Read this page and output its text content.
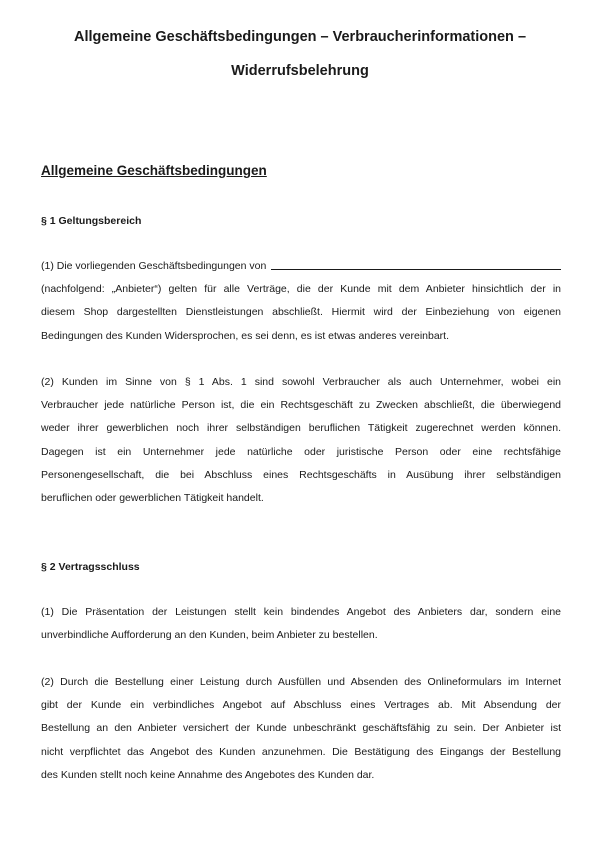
Allgemeine Geschäftsbedingungen – Verbraucherinformationen –
Widerrufsbelehrung
Allgemeine Geschäftsbedingungen
§ 1 Geltungsbereich
(1) Die vorliegenden Geschäftsbedingungen von
(nachfolgend: „Anbieter“) gelten für alle Verträge, die der Kunde mit dem Anbieter hinsichtlich der in
diesem Shop dargestellten Dienstleistungen abschließt. Hiermit wird der Einbeziehung von eigenen
Bedingungen des Kunden Widersprochen, es sei denn, es ist etwas anderes vereinbart.
(2) Kunden im Sinne von § 1 Abs. 1 sind sowohl Verbraucher als auch Unternehmer, wobei ein
Verbraucher jede natürliche Person ist, die ein Rechtsgeschäft zu Zwecken abschließt, die überwiegend
weder ihrer gewerblichen noch ihrer selbständigen beruflichen Tätigkeit zugerechnet werden können.
Dagegen ist ein Unternehmer jede natürliche oder juristische Person oder eine rechtsfähige
Personengesellschaft, die bei Abschluss eines Rechtsgeschäfts in Ausübung ihrer selbständigen
beruflichen oder gewerblichen Tätigkeit handelt.
§ 2 Vertragsschluss
(1) Die Präsentation der Leistungen stellt kein bindendes Angebot des Anbieters dar, sondern eine
unverbindliche Aufforderung an den Kunden, beim Anbieter zu bestellen.
(2) Durch die Bestellung einer Leistung durch Ausfüllen und Absenden des Onlineformulars im Internet
gibt der Kunde ein verbindliches Angebot auf Abschluss eines Vertrages ab. Mit Absendung der
Bestellung an den Anbieter versichert der Kunde unbeschränkt geschäftsfähig zu sein. Der Anbieter ist
nicht verpflichtet das Angebot des Kunden anzunehmen. Die Bestätigung des Eingangs der Bestellung
des Kunden stellt noch keine Annahme des Angebotes des Kunden dar.
